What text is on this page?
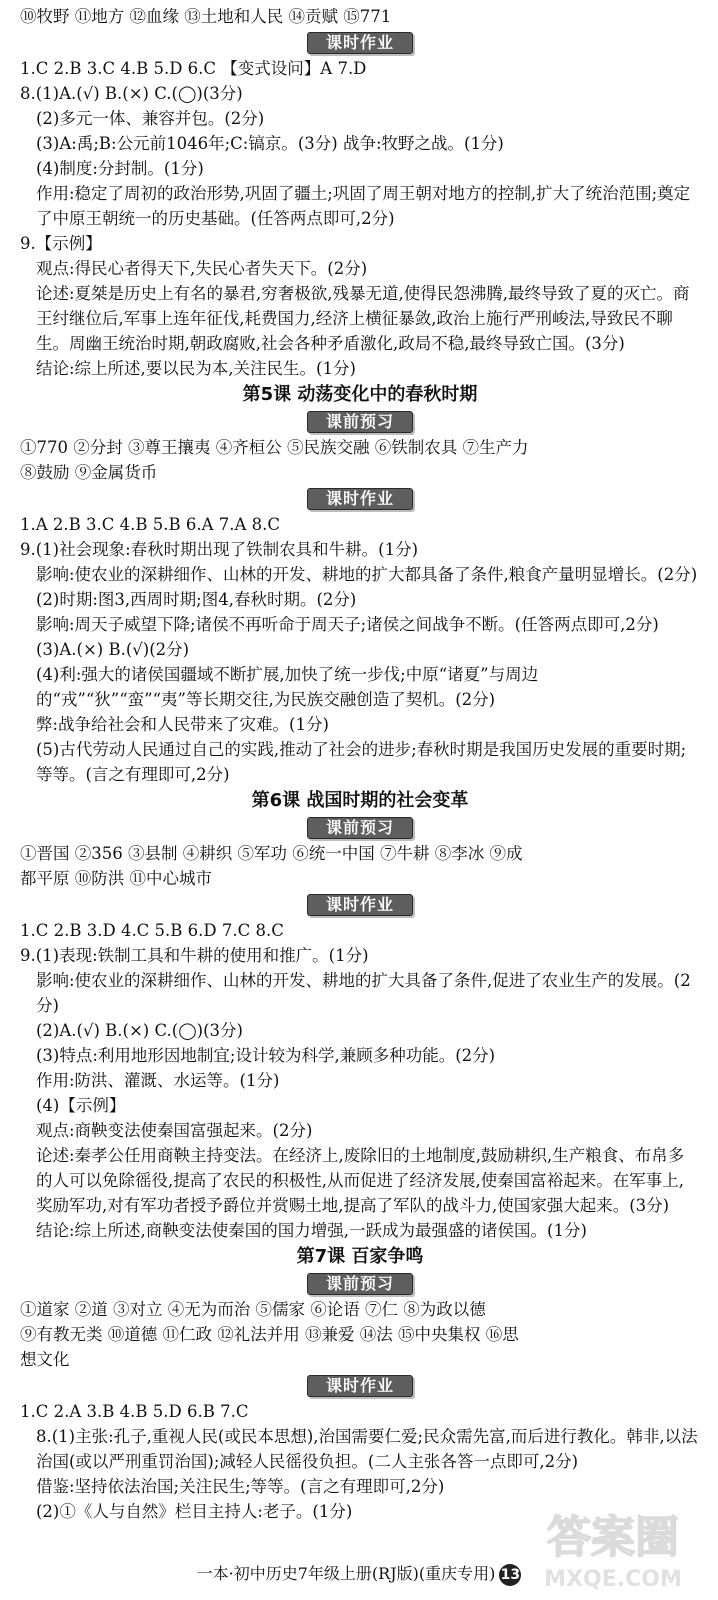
⑩牧野 ⑪地方 ⑫血缘 ⑬土地和人民 ⑭贡赋 ⑮771
课时作业
1.C 2.B 3.C 4.B 5.D 6.C 【变式设问】A 7.D
8.(1)A.(√) B.(×) C.(◯)(3分)
(2)多元一体、兼容并包。(2分)
(3)A:禹;B:公元前1046年;C:镐京。(3分) 战争:牧野之战。(1分)
(4)制度:分封制。(1分)
作用:稳定了周初的政治形势,巩固了疆土;巩固了周王朝对地方的控制,扩大了统治范围;奠定了中原王朝统一的历史基础。(任答两点即可,2分)
9.【示例】
观点:得民心者得天下,失民心者失天下。(2分)
论述:夏桀是历史上有名的暴君,穷奢极欲,残暴无道,使得民怨沸腾,最终导致了夏的灭亡。商王纣继位后,军事上连年征伐,耗费国力,经济上横征暴敛,政治上施行严刑峻法,导致民不聊生。周幽王统治时期,朝政腐败,社会各种矛盾激化,政局不稳,最终导致亡国。(3分)
结论:综上所述,要以民为本,关注民生。(1分)
第5课 动荡变化中的春秋时期
课前预习
①770 ②分封 ③尊王攘夷 ④齐桓公 ⑤民族交融 ⑥铁制农具 ⑦生产力
⑧鼓励 ⑨金属货币
课时作业
1.A 2.B 3.C 4.B 5.B 6.A 7.A 8.C
9.(1)社会现象:春秋时期出现了铁制农具和牛耕。(1分)
影响:使农业的深耕细作、山林的开发、耕地的扩大都具备了条件,粮食产量明显增长。(2分)
(2)时期:图3,西周时期;图4,春秋时期。(2分)
影响:周天子威望下降;诸侯不再听命于周天子;诸侯之间战争不断。(任答两点即可,2分)
(3)A.(×) B.(√)(2分)
(4)利:强大的诸侯国疆域不断扩展,加快了统一步伐;中原“诸夏”与周边的“戎”“狄”“蛮”“夷”等长期交往,为民族交融创造了契机。(2分)
弊:战争给社会和人民带来了灾难。(1分)
(5)古代劳动人民通过自己的实践,推动了社会的进步;春秋时期是我国历史发展的重要时期;等等。(言之有理即可,2分)
第6课 战国时期的社会变革
课前预习
①晋国 ②356 ③县制 ④耕织 ⑤军功 ⑥统一中国 ⑦牛耕 ⑧李冰 ⑨成
都平原 ⑩防洪 ⑪中心城市
课时作业
1.C 2.B 3.D 4.C 5.B 6.D 7.C 8.C
9.(1)表现:铁制工具和牛耕的使用和推广。(1分)
影响:使农业的深耕细作、山林的开发、耕地的扩大具备了条件,促进了农业生产的发展。(2分)
(2)A.(√) B.(×) C.(◯)(3分)
(3)特点:利用地形因地制宜;设计较为科学,兼顾多种功能。(2分)
作用:防洪、灌溉、水运等。(1分)
(4)【示例】
观点:商鞅变法使秦国富强起来。(2分)
论述:秦孝公任用商鞅主持变法。在经济上,废除旧的土地制度,鼓励耕织,生产粮食、布帛多的人可以免除徭役,提高了农民的积极性,从而促进了经济发展,使秦国富裕起来。在军事上,奖励军功,对有军功者授予爵位并赏赐土地,提高了军队的战斗力,使国家强大起来。(3分)
结论:综上所述,商鞅变法使秦国的国力增强,一跃成为最强盛的诸侯国。(1分)
第7课 百家争鸣
课前预习
①道家 ②道 ③对立 ④无为而治 ⑤儒家 ⑥论语 ⑦仁 ⑧为政以德
⑨有教无类 ⑩道德 ⑪仁政 ⑫礼法并用 ⑬兼爱 ⑭法 ⑮中央集权 ⑯思
想文化
课时作业
1.C 2.A 3.B 4.B 5.D 6.B 7.C
8.(1)主张:孔子,重视人民(或民本思想),治国需要仁爱;民众需先富,而后进行教化。韩非,以法治国(或以严刑重罚治国);减轻人民徭役负担。(二人主张各答一点即可,2分)
借鉴:坚持依法治国;关注民生;等等。(言之有理即可,2分)
(2)①《人与自然》栏目主持人:老子。(1分)
一本·初中历史7年级上册(RJ版)(重庆专用) 13
答案圈
MXQE.COM
